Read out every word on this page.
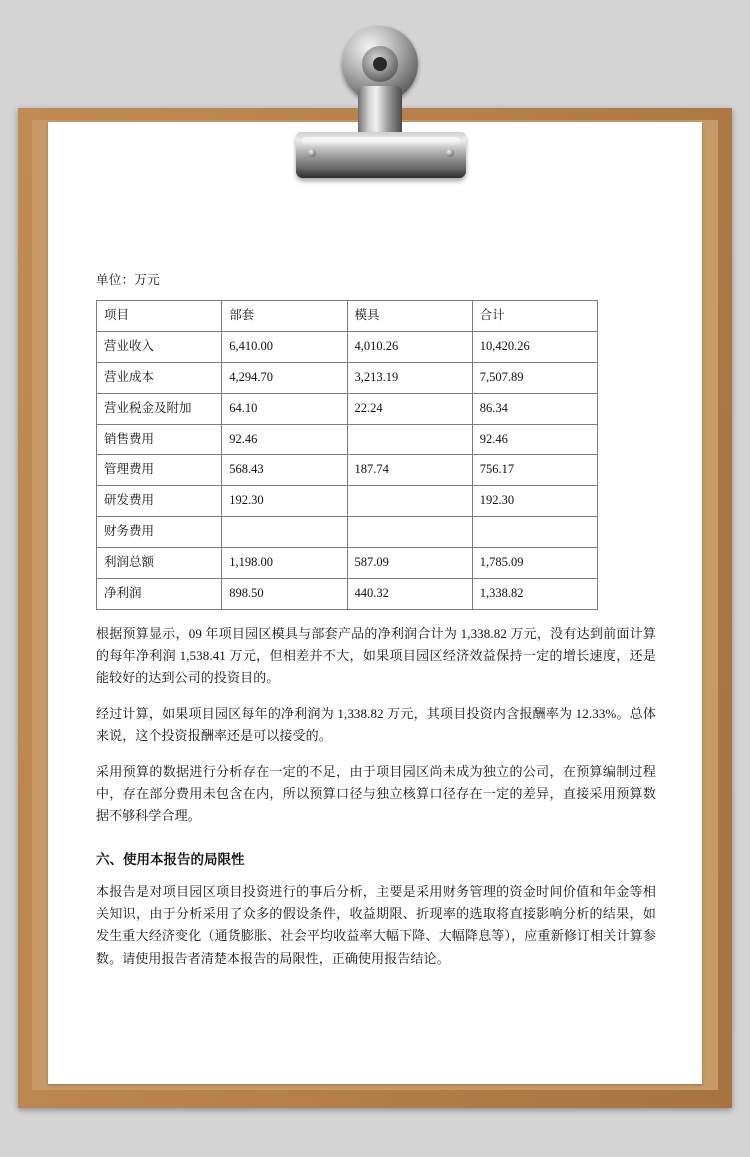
单位：万元
项目	部套	模具	合计
营业收入	6,410.00	4,010.26	10,420.26
营业成本	4,294.70	3,213.19	7,507.89
营业税金及附加	64.10	22.24	86.34
销售费用	92.46		92.46
管理费用	568.43	187.74	756.17
研发费用	192.30		192.30
财务费用			
利润总额	1,198.00	587.09	1,785.09
净利润	898.50	440.32	1,338.82

根据预算显示，09 年项目园区模具与部套产品的净利润合计为 1,338.82 万元，没有达到前面计算的每年净利润 1,538.41 万元，但相差并不大，如果项目园区经济效益保持一定的增长速度，还是能较好的达到公司的投资目的。

经过计算，如果项目园区每年的净利润为 1,338.82 万元，其项目投资内含报酬率为 12.33%。总体来说，这个投资报酬率还是可以接受的。

采用预算的数据进行分析存在一定的不足，由于项目园区尚未成为独立的公司，在预算编制过程中，存在部分费用未包含在内，所以预算口径与独立核算口径存在一定的差异，直接采用预算数据不够科学合理。

六、使用本报告的局限性

本报告是对项目园区项目投资进行的事后分析，主要是采用财务管理的资金时间价值和年金等相关知识，由于分析采用了众多的假设条件，收益期限、折现率的选取将直接影响分析的结果，如发生重大经济变化（通货膨胀、社会平均收益率大幅下降、大幅降息等），应重新修订相关计算参数。请使用报告者清楚本报告的局限性，正确使用报告结论。
